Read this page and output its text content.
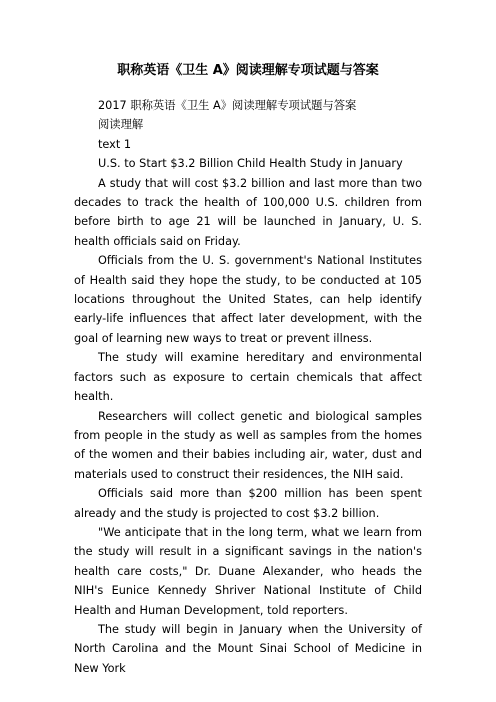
职称英语《卫生 A》阅读理解专项试题与答案

2017 职称英语《卫生 A》阅读理解专项试题与答案

阅读理解

text 1

U.S. to Start $3.2 Billion Child Health Study in January

A study that will cost $3.2 billion and last more than two decades to track the health of 100,000 U.S. children from before birth to age 21 will be launched in January, U. S. health officials said on Friday.

Officials from the U. S. government's National Institutes of Health said they hope the study, to be conducted at 105 locations throughout the United States, can help identify early-life influences that affect later development, with the goal of learning new ways to treat or prevent illness.

The study will examine hereditary and environmental factors such as exposure to certain chemicals that affect health.

Researchers will collect genetic and biological samples from people in the study as well as samples from the homes of the women and their babies including air, water, dust and materials used to construct their residences, the NIH said.

Officials said more than $200 million has been spent already and the study is projected to cost $3.2 billion.

"We anticipate that in the long term, what we learn from the study will result in a significant savings in the nation's health care costs," Dr. Duane Alexander, who heads the NIH's Eunice Kennedy Shriver National Institute of Child Health and Human Development, told reporters.

The study will begin in January when the University of North Carolina and the Mount Sinai School of Medicine in New York
